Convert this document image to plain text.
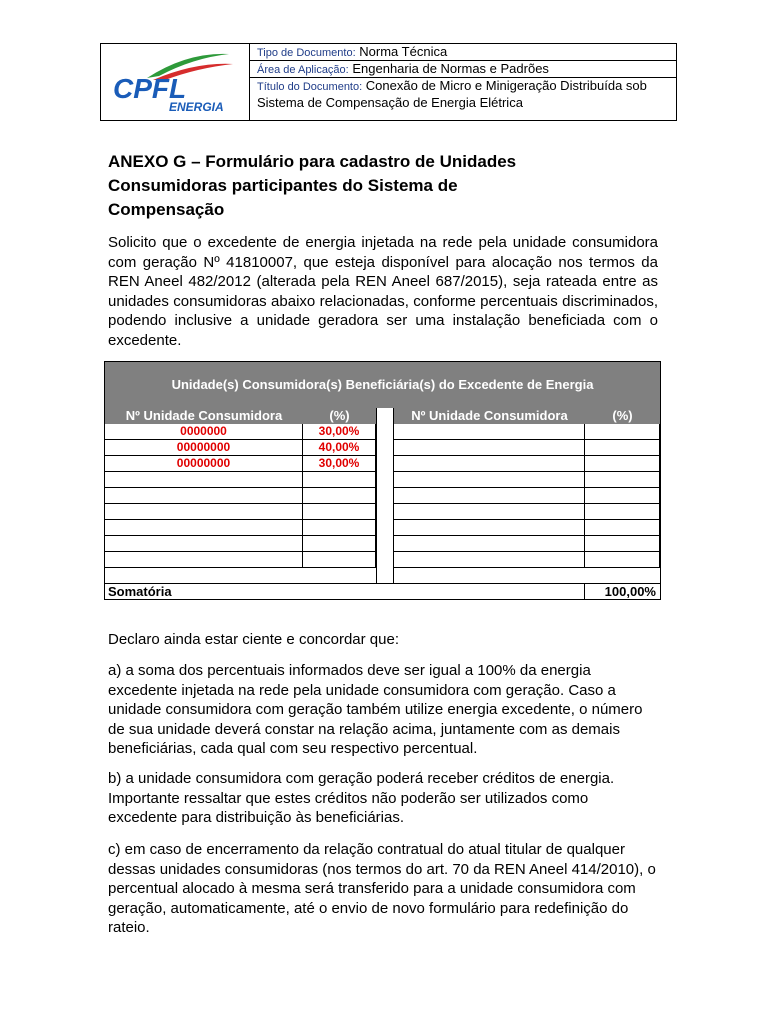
CPFL
ENERGIA
Tipo de Documento: Norma Técnica
Área de Aplicação: Engenharia de Normas e Padrões
Título do Documento: Conexão de Micro e Minigeração Distribuída sob Sistema de Compensação de Energia Elétrica
ANEXO G – Formulário para cadastro de Unidades Consumidoras participantes do Sistema de Compensação
Solicito que o excedente de energia injetada na rede pela unidade consumidora com geração Nº 41810007, que esteja disponível para alocação nos termos da REN Aneel 482/2012 (alterada pela REN Aneel 687/2015), seja rateada entre as unidades consumidoras abaixo relacionadas, conforme percentuais discriminados, podendo inclusive a unidade geradora ser uma instalação beneficiada com o excedente.
Unidade(s) Consumidora(s) Beneficiária(s) do Excedente de Energia
Nº Unidade Consumidora	(%)	Nº Unidade Consumidora	(%)
0000000	30,00%
00000000	40,00%
00000000	30,00%
Somatória	100,00%
Declaro ainda estar ciente e concordar que:
a) a soma dos percentuais informados deve ser igual a 100% da energia excedente injetada na rede pela unidade consumidora com geração. Caso a unidade consumidora com geração também utilize energia excedente, o número de sua unidade deverá constar na relação acima, juntamente com as demais beneficiárias, cada qual com seu respectivo percentual.
b) a unidade consumidora com geração poderá receber créditos de energia. Importante ressaltar que estes créditos não poderão ser utilizados como excedente para distribuição às beneficiárias.
c) em caso de encerramento da relação contratual do atual titular de qualquer dessas unidades consumidoras (nos termos do art. 70 da REN Aneel 414/2010), o percentual alocado à mesma será transferido para a unidade consumidora com geração, automaticamente, até o envio de novo formulário para redefinição do rateio.
